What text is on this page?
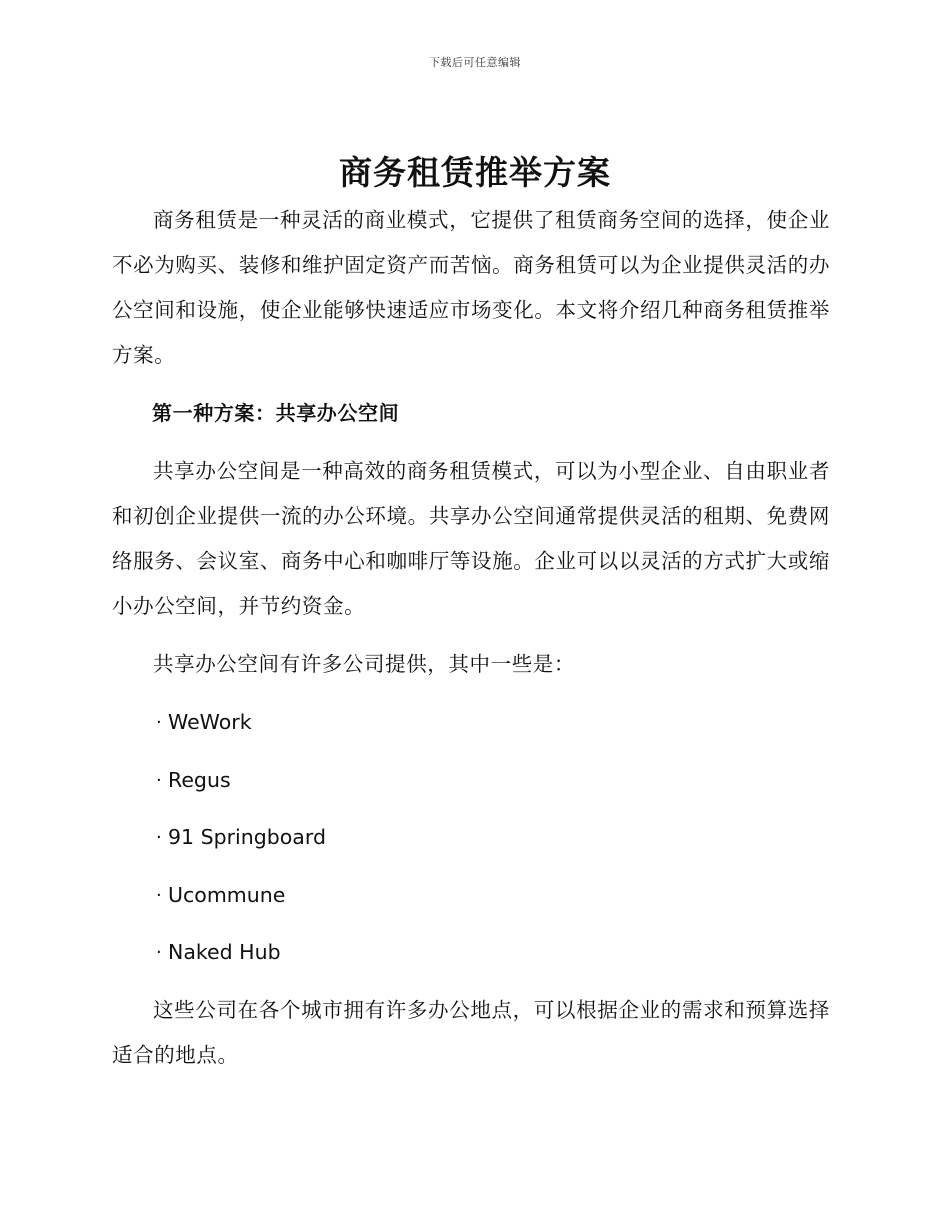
下载后可任意编辑
商务租赁推举方案

商务租赁是一种灵活的商业模式，它提供了租赁商务空间的选择，使企业不必为购买、装修和维护固定资产而苦恼。商务租赁可以为企业提供灵活的办公空间和设施，使企业能够快速适应市场变化。本文将介绍几种商务租赁推举方案。

第一种方案：共享办公空间

共享办公空间是一种高效的商务租赁模式，可以为小型企业、自由职业者和初创企业提供一流的办公环境。共享办公空间通常提供灵活的租期、免费网络服务、会议室、商务中心和咖啡厅等设施。企业可以以灵活的方式扩大或缩小办公空间，并节约资金。

共享办公空间有许多公司提供，其中一些是：

· WeWork
· Regus
· 91 Springboard
· Ucommune
· Naked Hub

这些公司在各个城市拥有许多办公地点，可以根据企业的需求和预算选择适合的地点。
